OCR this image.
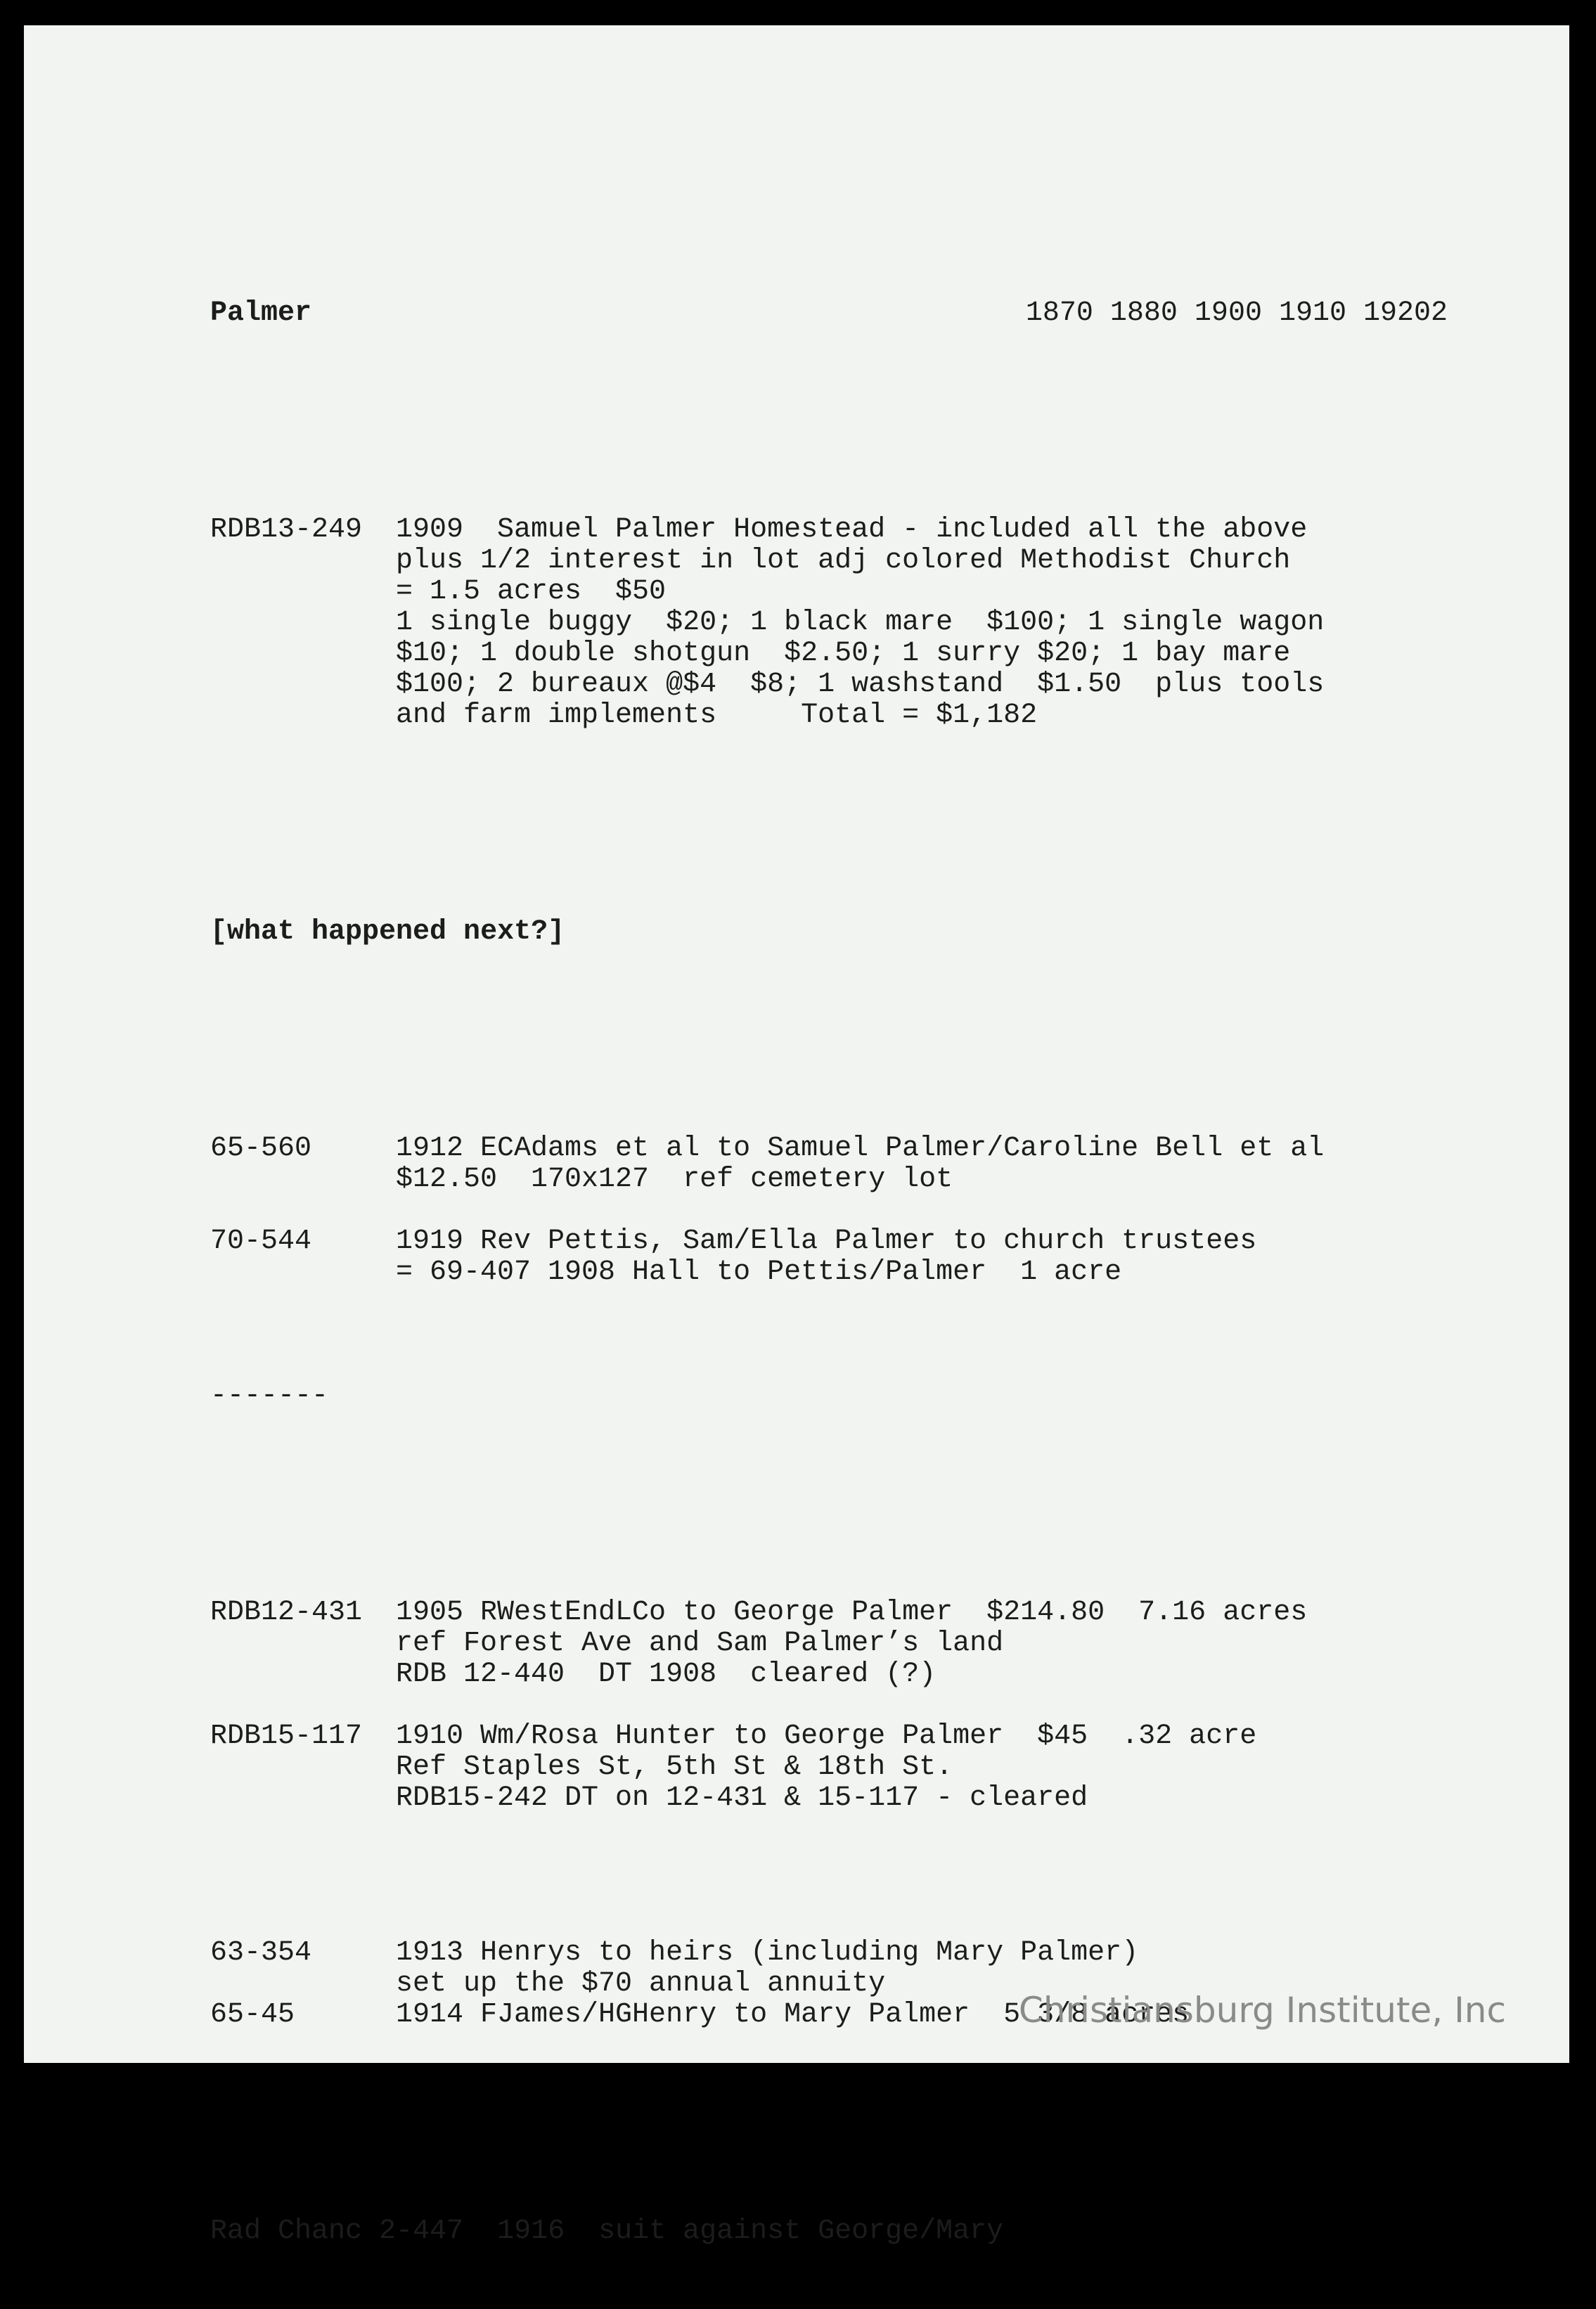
Palmer	1870 1880 1900 1910 19202

RDB13-249	1909  Samuel Palmer Homestead - included all the above
plus 1/2 interest in lot adj colored Methodist Church
= 1.5 acres  $50
1 single buggy  $20; 1 black mare  $100; 1 single wagon
$10; 1 double shotgun  $2.50; 1 surry $20; 1 bay mare
$100; 2 bureaux @$4  $8; 1 washstand  $1.50  plus tools
and farm implements     Total = $1,182

[what happened next?]

65-560	1912 ECAdams et al to Samuel Palmer/Caroline Bell et al
$12.50  170x127  ref cemetery lot
70-544	1919 Rev Pettis, Sam/Ella Palmer to church trustees
= 69-407 1908 Hall to Pettis/Palmer  1 acre

-------

RDB12-431	1905 RWestEndLCo to George Palmer  $214.80  7.16 acres
ref Forest Ave and Sam Palmer’s land
RDB 12-440  DT 1908  cleared (?)
RDB15-117	1910 Wm/Rosa Hunter to George Palmer  $45  .32 acre
Ref Staples St, 5th St & 18th St.
RDB15-242 DT on 12-431 & 15-117 - cleared

63-354	1913 Henrys to heirs (including Mary Palmer)
set up the $70 annual annuity
65-45	1914 FJames/HGHenry to Mary Palmer  5 3/8 acres

Rad Chanc 2-447  1916  suit against George/Mary

Christiansburg Institute, Inc
